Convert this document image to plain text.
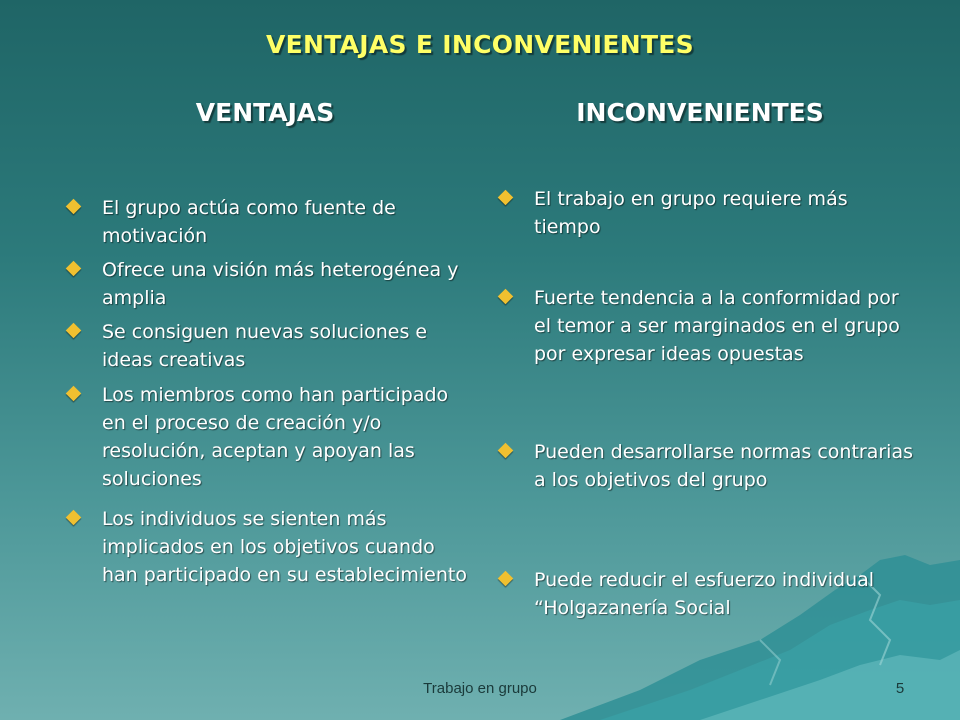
VENTAJAS E INCONVENIENTES
VENTAJAS	INCONVENIENTES
El grupo actúa como fuente de motivación
Ofrece una visión más heterogénea y amplia
Se consiguen nuevas soluciones e ideas creativas
Los miembros como han participado en el proceso de creación y/o resolución, aceptan y apoyan las soluciones
Los individuos se sienten más implicados en los objetivos cuando han participado en su establecimiento
El trabajo en grupo requiere más tiempo
Fuerte tendencia a la conformidad por el temor a ser marginados en el grupo por expresar ideas opuestas
Pueden desarrollarse normas contrarias a los objetivos del grupo
Puede reducir el esfuerzo individual “Holgazanería Social
Trabajo en grupo	5
